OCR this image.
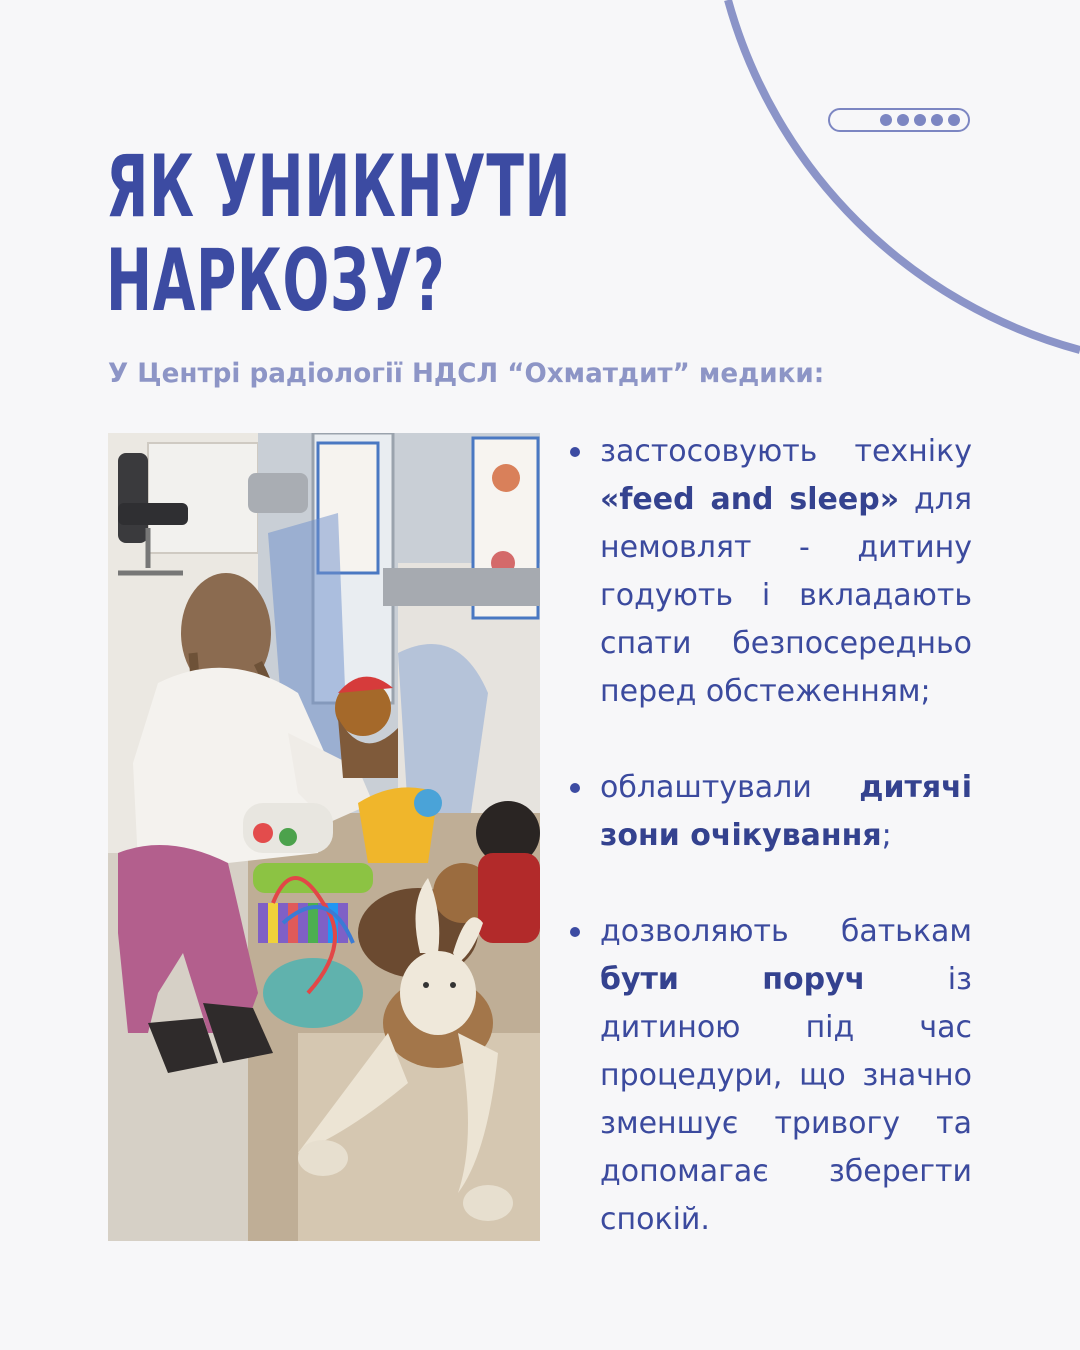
ЯК УНИКНУТИ
НАРКОЗУ?

У Центрі радіології НДСЛ “Охматдит” медики:

застосовують техніку «feed and sleep» для немовлят - дитину годують і вкладають спати безпосередньо перед обстеженням;

облаштували дитячі зони очікування;

дозволяють батькам бути поруч із дитиною під час процедури, що значно зменшує тривогу та допомагає зберегти спокій.
